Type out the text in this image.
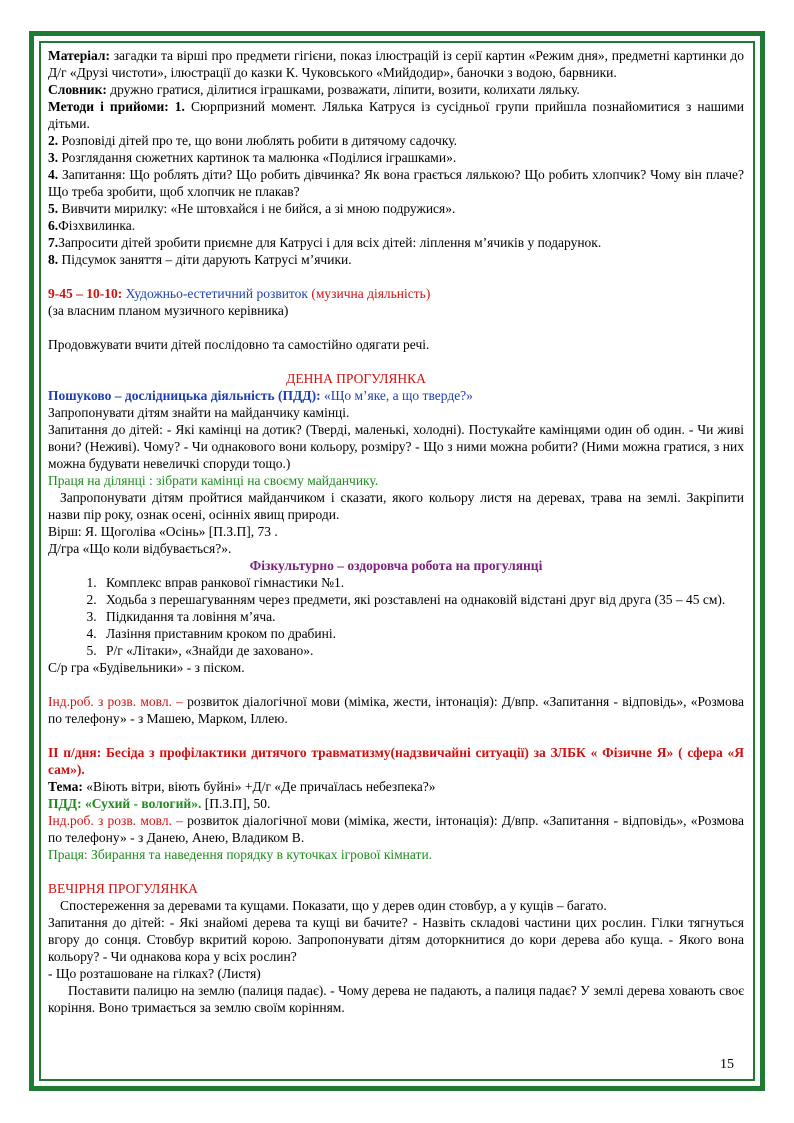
Матеріал: загадки та вірші про предмети гігієни, показ ілюстрацій із серії картин «Режим дня», предметні картинки до Д/г «Друзі чистоти», ілюстрації до казки К. Чуковського «Мийдодир», баночки з водою, барвники.

Словник: дружно гратися, ділитися іграшками, розважати, ліпити, возити, колихати ляльку.

Методи і прийоми: 1. Сюрпризний момент. Лялька Катруся із сусідньої групи прийшла познайомитися з нашими дітьми.

2. Розповіді дітей про те, що вони люблять робити в дитячому садочку.

3. Розглядання сюжетних картинок та малюнка «Поділися іграшками».

4. Запитання: Що роблять діти? Що робить дівчинка? Як вона грається лялькою? Що робить хлопчик? Чому він плаче? Що треба зробити, щоб хлопчик не плакав?

5. Вивчити мирилку: «Не штовхайся і не бийся, а зі мною подружися».

6.Фізхвилинка.

7.Запросити дітей зробити приємне для Катрусі і для всіх дітей: ліплення м’ячиків у подарунок.

8. Підсумок заняття – діти дарують Катрусі м’ячики.

9-45 – 10-10: Художньо-естетичний розвиток (музична діяльність)

(за власним планом музичного керівника)

Продовжувати вчити дітей послідовно та самостійно одягати речі.

ДЕННА ПРОГУЛЯНКА

Пошуково – дослідницька діяльність (ПДД): «Що м’яке, а що тверде?»

Запропонувати дітям знайти на майданчику камінці.

Запитання до дітей: - Які камінці на дотик? (Тверді, маленькі, холодні). Постукайте камінцями один об один. - Чи живі вони? (Неживі). Чому? - Чи однакового вони кольору, розміру? - Що з ними можна робити? (Ними можна гратися, з них можна будувати невеличкі споруди тощо.)

Праця на ділянці : зібрати камінці на своєму майданчику.

Запропонувати дітям пройтися майданчиком і сказати, якого кольору листя на деревах, трава на землі. Закріпити назви пір року, ознак осені, осінніх явищ природи.

Вірш: Я. Щоголіва «Осінь» [П.З.П], 73 .

Д/гра «Що коли відбувається?».

Фізкультурно – оздоровча робота на прогулянці

1. Комплекс вправ ранкової гімнастики №1.
2. Ходьба з перешагуванням через предмети, які розставлені на однаковій відстані друг від друга (35 – 45 см).
3. Підкидання та ловіння м’яча.
4. Лазіння приставним кроком по драбині.
5. Р/г «Літаки», «Знайди де заховано».

С/р гра «Будівельники» - з піском.

Інд.роб. з розв. мовл. – розвиток діалогічної мови (міміка, жести, інтонація): Д/впр. «Запитання - відповідь», «Розмова по телефону» - з Машею, Марком, Іллею.

ІІ п/дня: Бесіда з профілактики дитячого травматизму(надзвичайні ситуації) за ЗЛБК « Фізичне Я» ( сфера «Я сам»).

Тема: «Віють вітри, віють буйні» +Д/г «Де причаїлась небезпека?»

ПДД: «Сухий - вологий». [П.З.П], 50.

Інд.роб. з розв. мовл. – розвиток діалогічної мови (міміка, жести, інтонація): Д/впр. «Запитання - відповідь», «Розмова по телефону» - з Данею, Анею, Владиком В.

Праця: Збирання та наведення порядку в куточках ігрової кімнати.

ВЕЧІРНЯ ПРОГУЛЯНКА

Спостереження за деревами та кущами. Показати, що у дерев один стовбур, а у кущів – багато.

Запитання до дітей: - Які знайомі дерева та кущі ви бачите? - Назвіть складові частини цих рослин. Гілки тягнуться вгору до сонця. Стовбур вкритий корою. Запропонувати дітям доторкнитися до кори дерева або куща. - Якого вона кольору? - Чи однакова кора у всіх рослин?

- Що розташоване на гілках? (Листя)

Поставити палицю на землю (палиця падає). - Чому дерева не падають, а палиця падає? У землі дерева ховають своє коріння. Воно тримається за землю своїм корінням.

15
